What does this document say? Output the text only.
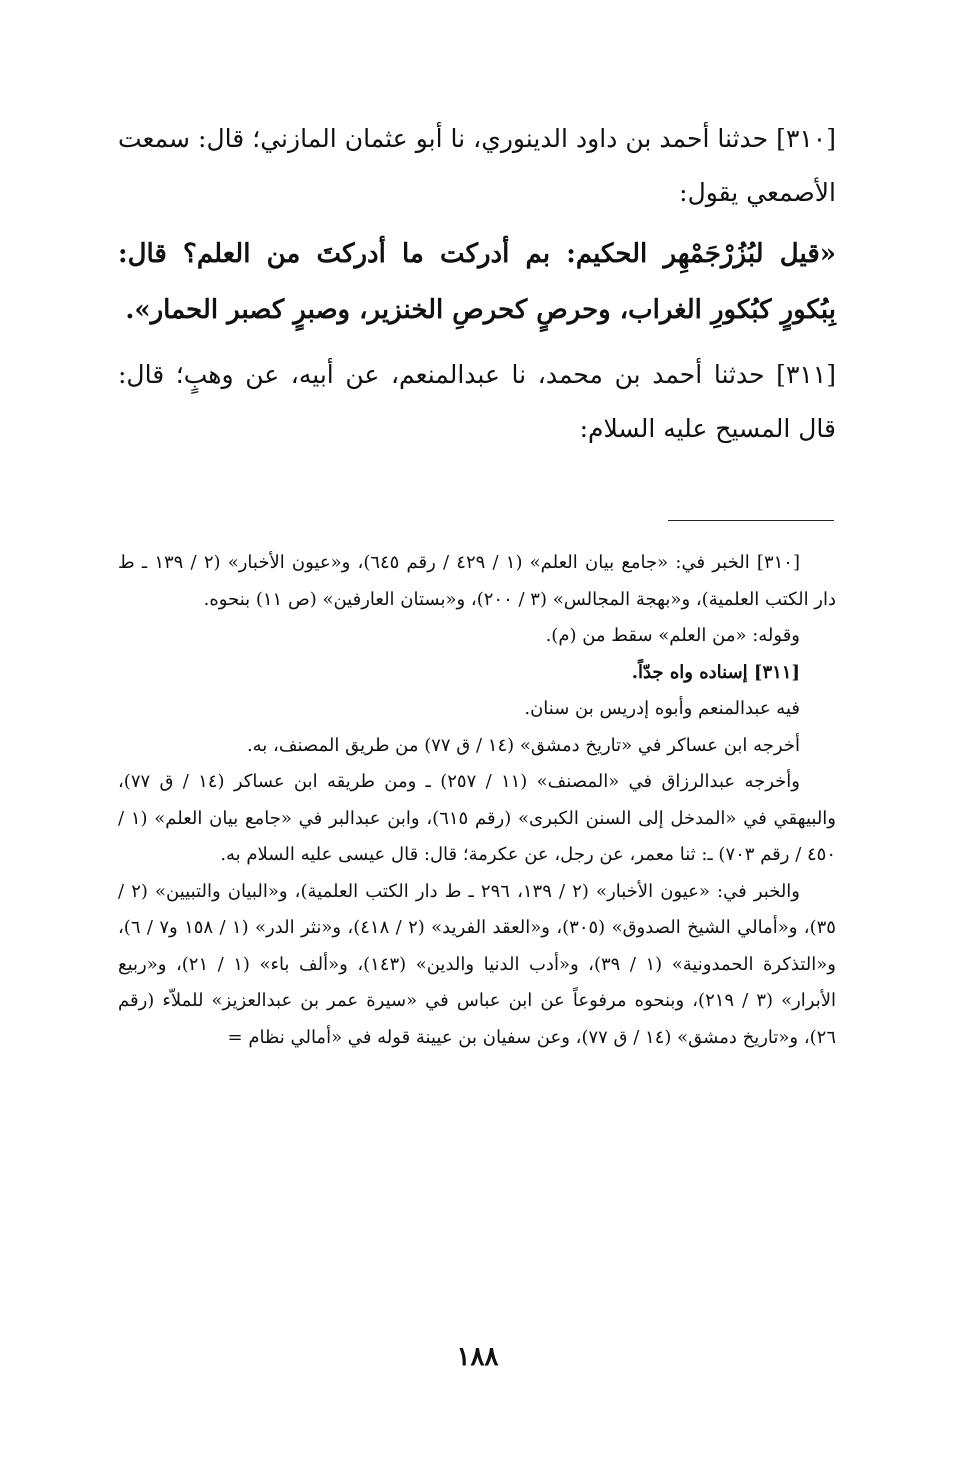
[٣١٠] حدثنا أحمد بن داود الدينوري، نا أبو عثمان المازني؛ قال: سمعت الأصمعي يقول:

«قيل لبُزُرْجَمْهِر الحكيم: بم أدركت ما أدركتَ من العلم؟ قال: بِبُكورٍ كبُكورِ الغراب، وحرصٍ كحرصِ الخنزير، وصبرٍ كصبر الحمار».

[٣١١] حدثنا أحمد بن محمد، نا عبدالمنعم، عن أبيه، عن وهبٍ؛ قال: قال المسيح عليه السلام:

[٣١٠] الخبر في: «جامع بيان العلم» (١ / ٤٢٩ / رقم ٦٤٥)، و«عيون الأخبار» (٢ / ١٣٩ ـ ط دار الكتب العلمية)، و«بهجة المجالس» (٣ / ٢٠٠)، و«بستان العارفين» (ص ١١) بنحوه.

وقوله: «من العلم» سقط من (م).

[٣١١] إسناده واه جدّاً.

فيه عبدالمنعم وأبوه إدريس بن سنان.

أخرجه ابن عساكر في «تاريخ دمشق» (١٤ / ق ٧٧) من طريق المصنف، به.

وأخرجه عبدالرزاق في «المصنف» (١١ / ٢٥٧) ـ ومن طريقه ابن عساكر (١٤ / ق ٧٧)، والبيهقي في «المدخل إلى السنن الكبرى» (رقم ٦١٥)، وابن عبدالبر في «جامع بيان العلم» (١ / ٤٥٠ / رقم ٧٠٣) ـ: ثنا معمر، عن رجل، عن عكرمة؛ قال: قال عيسى عليه السلام به.

والخبر في: «عيون الأخبار» (٢ / ١٣٩، ٢٩٦ ـ ط دار الكتب العلمية)، و«البيان والتبيين» (٢ / ٣٥)، و«أمالي الشيخ الصدوق» (٣٠٥)، و«العقد الفريد» (٢ / ٤١٨)، و«نثر الدر» (١ / ١٥٨ و٧ / ٦)، و«التذكرة الحمدونية» (١ / ٣٩)، و«أدب الدنيا والدين» (١٤٣)، و«ألف باء» (١ / ٢١)، و«ربيع الأبرار» (٣ / ٢١٩)، وبنحوه مرفوعاً عن ابن عباس في «سيرة عمر بن عبدالعزيز» للملاّء (رقم ٢٦)، و«تاريخ دمشق» (١٤ / ق ٧٧)، وعن سفيان بن عيينة قوله في «أمالي نظام =

١٨٨
